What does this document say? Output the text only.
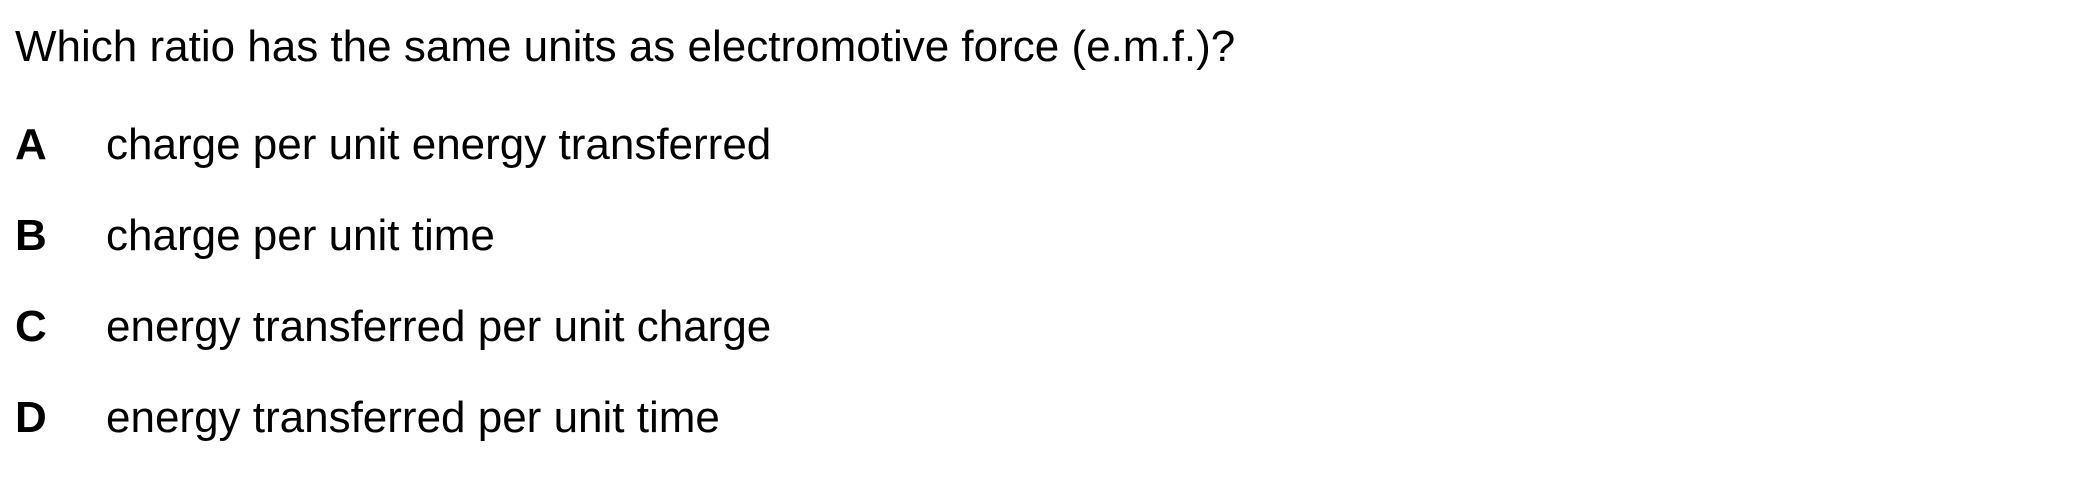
Which ratio has the same units as electromotive force (e.m.f.)?
A	charge per unit energy transferred
B	charge per unit time
C	energy transferred per unit charge
D	energy transferred per unit time
